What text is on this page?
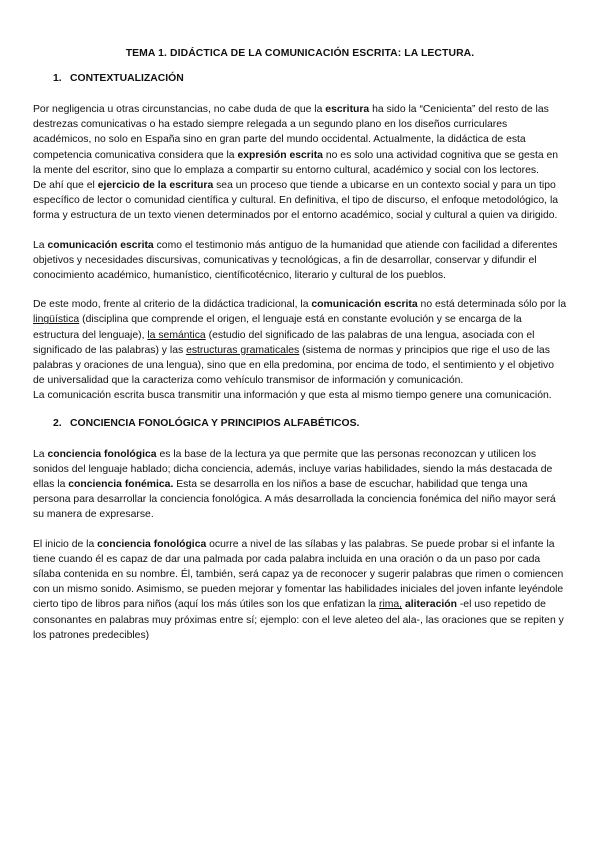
TEMA 1. DIDÁCTICA DE LA COMUNICACIÓN ESCRITA: LA LECTURA.
1. CONTEXTUALIZACIÓN

Por negligencia u otras circunstancias, no cabe duda de que la escritura ha sido la “Cenicienta” del resto de las destrezas comunicativas o ha estado siempre relegada a un segundo plano en los diseños curriculares académicos, no solo en España sino en gran parte del mundo occidental. Actualmente, la didáctica de esta competencia comunicativa considera que la expresión escrita no es solo una actividad cognitiva que se gesta en la mente del escritor, sino que lo emplaza a compartir su entorno cultural, académico y social con los lectores.

De ahí que el ejercicio de la escritura sea un proceso que tiende a ubicarse en un contexto social y para un tipo específico de lector o comunidad científica y cultural. En definitiva, el tipo de discurso, el enfoque metodológico, la forma y estructura de un texto vienen determinados por el entorno académico, social y cultural a quien va dirigido.

La comunicación escrita como el testimonio más antiguo de la humanidad que atiende con facilidad a diferentes objetivos y necesidades discursivas, comunicativas y tecnológicas, a fin de desarrollar, conservar y difundir el conocimiento académico, humanístico, científicotécnico, literario y cultural de los pueblos.

De este modo, frente al criterio de la didáctica tradicional, la comunicación escrita no está determinada sólo por la lingüística (disciplina que comprende el origen, el lenguaje está en constante evolución y se encarga de la estructura del lenguaje), la semántica (estudio del significado de las palabras de una lengua, asociada con el significado de las palabras) y las estructuras gramaticales (sistema de normas y principios que rige el uso de las palabras y oraciones de una lengua), sino que en ella predomina, por encima de todo, el sentimiento y el objetivo de universalidad que la caracteriza como vehículo transmisor de información y comunicación.

La comunicación escrita busca transmitir una información y que esta al mismo tiempo genere una comunicación.

2. CONCIENCIA FONOLÓGICA Y PRINCIPIOS ALFABÉTICOS.

La conciencia fonológica es la base de la lectura ya que permite que las personas reconozcan y utilicen los sonidos del lenguaje hablado; dicha conciencia, además, incluye varias habilidades, siendo la más destacada de ellas la conciencia fonémica. Esta se desarrolla en los niños a base de escuchar, habilidad que tenga una persona para desarrollar la conciencia fonológica. A más desarrollada la conciencia fonémica del niño mayor será su manera de expresarse.

El inicio de la conciencia fonológica ocurre a nivel de las sílabas y las palabras. Se puede probar si el infante la tiene cuando él es capaz de dar una palmada por cada palabra incluida en una oración o da un paso por cada sílaba contenida en su nombre. Él, también, será capaz ya de reconocer y sugerir palabras que rimen o comiencen con un mismo sonido. Asimismo, se pueden mejorar y fomentar las habilidades iniciales del joven infante leyéndole cierto tipo de libros para niños (aquí los más útiles son los que enfatizan la rima, aliteración -el uso repetido de consonantes en palabras muy próximas entre sí; ejemplo: con el leve aleteo del ala-, las oraciones que se repiten y los patrones predecibles)
